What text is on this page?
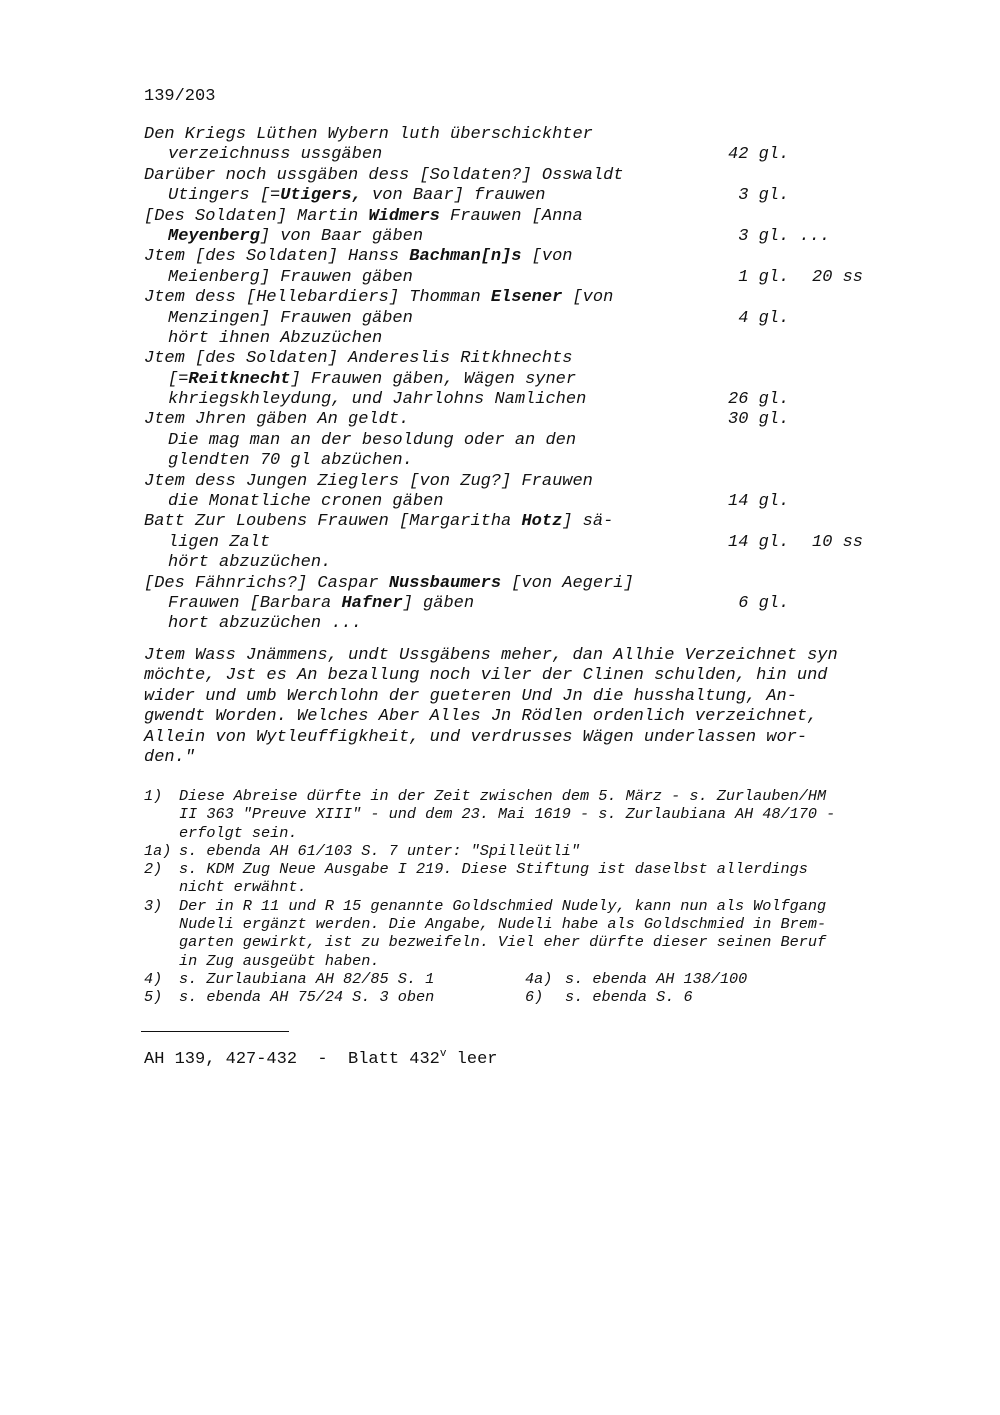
139/203
Den Kriegs Lüthen Wybern luth überschickhter
verzeichnuss ussgäben	42 gl.
Darüber noch ussgäben dess [Soldaten?] Osswaldt
Utingers [=Utigers, von Baar] frauwen	3 gl.
[Des Soldaten] Martin Widmers Frauwen [Anna
Meyenberg] von Baar gäben	3 gl. ...
Jtem [des Soldaten] Hanss Bachman[n]s [von
Meienberg] Frauwen gäben	1 gl. 20 ss
Jtem dess [Hellebardiers] Thomman Elsener [von
Menzingen] Frauwen gäben	4 gl.
hört ihnen Abzuzüchen
Jtem [des Soldaten] Andereslis Ritkhnechts
[=Reitknecht] Frauwen gäben, Wägen syner
khriegskhleydung, und Jahrlohns Namlichen	26 gl.
Jtem Jhren gäben An geldt.	30 gl.
Die mag man an der besoldung oder an den
glendten 70 gl abzüchen.
Jtem dess Jungen Zieglers [von Zug?] Frauwen
die Monatliche cronen gäben	14 gl.
Batt Zur Loubens Frauwen [Margaritha Hotz] sä-
ligen Zalt	14 gl. 10 ss
hört abzuzüchen.
[Des Fähnrichs?] Caspar Nussbaumers [von Aegeri]
Frauwen [Barbara Hafner] gäben	6 gl.
hort abzuzüchen ...
Jtem Wass Jnämmens, undt Ussgäbens meher, dan Allhie Verzeichnet syn
möchte, Jst es An bezallung noch viler der Clinen schulden, hin und
wider und umb Werchlohn der gueteren Und Jn die husshaltung, An-
gwendt Worden. Welches Aber Alles Jn Rödlen ordenlich verzeichnet,
Allein von Wytleuffigkheit, und verdrusses Wägen underlassen wor-
den."
1) Diese Abreise dürfte in der Zeit zwischen dem 5. März - s. Zurlauben/HM
II 363 "Preuve XIII" - und dem 23. Mai 1619 - s. Zurlaubiana AH 48/170 -
erfolgt sein.
1a) s. ebenda AH 61/103 S. 7 unter: "Spilleütli"
2) s. KDM Zug Neue Ausgabe I 219. Diese Stiftung ist daselbst allerdings
nicht erwähnt.
3) Der in R 11 und R 15 genannte Goldschmied Nudely, kann nun als Wolfgang
Nudeli ergänzt werden. Die Angabe, Nudeli habe als Goldschmied in Brem-
garten gewirkt, ist zu bezweifeln. Viel eher dürfte dieser seinen Beruf
in Zug ausgeübt haben.
4) s. Zurlaubiana AH 82/85 S. 1	4a) s. ebenda AH 138/100
5) s. ebenda AH 75/24 S. 3 oben	6) s. ebenda S. 6
AH 139, 427-432  -  Blatt 432$^v$ leer
